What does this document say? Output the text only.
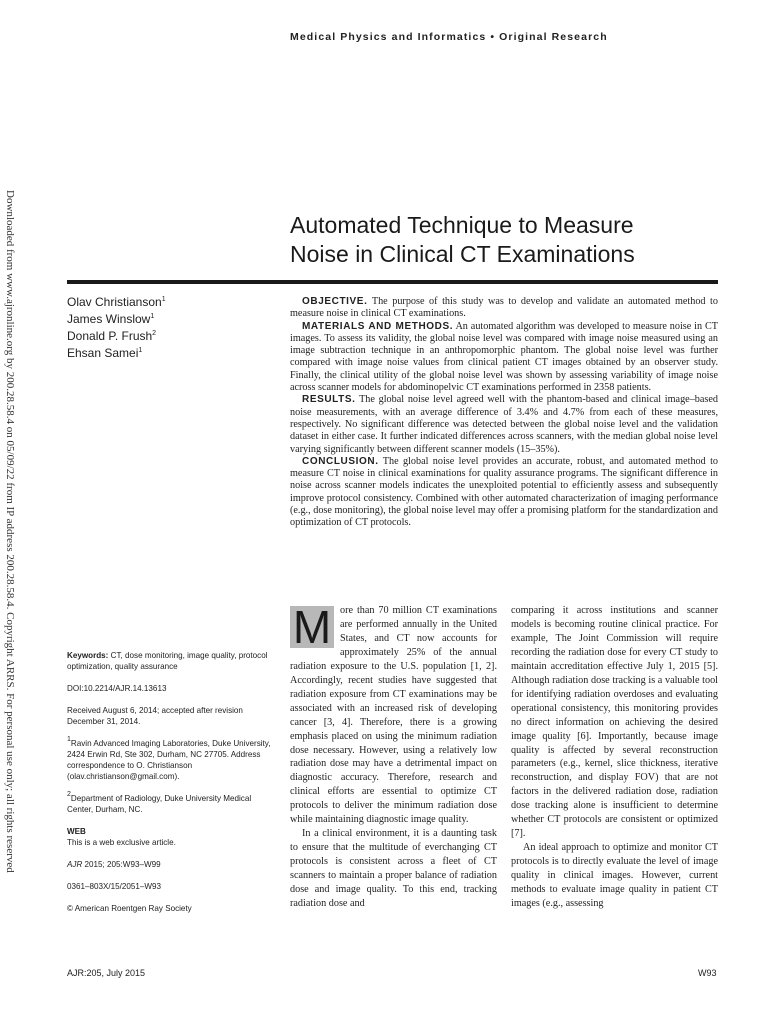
Downloaded from www.ajronline.org by 200.28.58.4 on 05/09/22 from IP address 200.28.58.4. Copyright ARRS. For personal use only; all rights reserved
Medical Physics and Informatics • Original Research
Automated Technique to Measure
Noise in Clinical CT Examinations
Olav Christianson$^1$
James Winslow$^1$
Donald P. Frush$^2$
Ehsan Samei$^1$

OBJECTIVE. The purpose of this study was to develop and validate an automated method to measure noise in clinical CT examinations.

MATERIALS AND METHODS. An automated algorithm was developed to measure noise in CT images. To assess its validity, the global noise level was compared with image noise measured using an image subtraction technique in an anthropomorphic phantom. The global noise level was further compared with image noise values from clinical patient CT images obtained by an observer study. Finally, the clinical utility of the global noise level was shown by assessing variability of image noise across scanner models for abdominopelvic CT examinations performed in 2358 patients.

RESULTS. The global noise level agreed well with the phantom-based and clinical image–based noise measurements, with an average difference of 3.4% and 4.7% from each of these measures, respectively. No significant difference was detected between the global noise level and the validation dataset in either case. It further indicated differences across scanners, with the median global noise level varying significantly between different scanner models (15–35%).

CONCLUSION. The global noise level provides an accurate, robust, and automated method to measure CT noise in clinical examinations for quality assurance programs. The significant difference in noise across scanner models indicates the unexploited potential to efficiently assess and subsequently improve protocol consistency. Combined with other automated characterization of imaging performance (e.g., dose monitoring), the global noise level may offer a promising platform for the standardization and optimization of CT protocols.

Keywords: CT, dose monitoring, image quality, protocol optimization, quality assurance

DOI:10.2214/AJR.14.13613

Received August 6, 2014; accepted after revision December 31, 2014.

$^1$Ravin Advanced Imaging Laboratories, Duke University, 2424 Erwin Rd, Ste 302, Durham, NC 27705. Address correspondence to O. Christianson (olav.christianson@gmail.com).

$^2$Department of Radiology, Duke University Medical Center, Durham, NC.

WEB

This is a web exclusive article.

AJR 2015; 205:W93–W99

0361–803X/15/2051–W93

© American Roentgen Ray Society

M ore than 70 million CT examinations are performed annually in the United States, and CT now accounts for approximately 25% of the annual radiation exposure to the U.S. population [1, 2]. Accordingly, recent studies have suggested that radiation exposure from CT examinations may be associated with an increased risk of developing cancer [3, 4]. Therefore, there is a growing emphasis placed on using the minimum radiation dose necessary. However, using a relatively low radiation dose may have a detrimental impact on diagnostic accuracy. Therefore, research and clinical efforts are essential to optimize CT protocols to deliver the minimum radiation dose while maintaining diagnostic image quality.

In a clinical environment, it is a daunting task to ensure that the multitude of everchanging CT protocols is consistent across a fleet of CT scanners to maintain a proper balance of radiation dose and image quality. To this end, tracking radiation dose and

comparing it across institutions and scanner models is becoming routine clinical practice. For example, The Joint Commission will require recording the radiation dose for every CT study to maintain accreditation effective July 1, 2015 [5]. Although radiation dose tracking is a valuable tool for identifying radiation overdoses and evaluating operational consistency, this monitoring provides no direct information on achieving the desired image quality [6]. Importantly, because image quality is affected by several reconstruction parameters (e.g., kernel, slice thickness, iterative reconstruction, and display FOV) that are not factors in the delivered radiation dose, radiation dose tracking alone is insufficient to determine whether CT protocols are consistent or optimized [7].

An ideal approach to optimize and monitor CT protocols is to directly evaluate the level of image quality in clinical images. However, current methods to evaluate image quality in patient CT images (e.g., assessing

AJR:205, July 2015	W93
